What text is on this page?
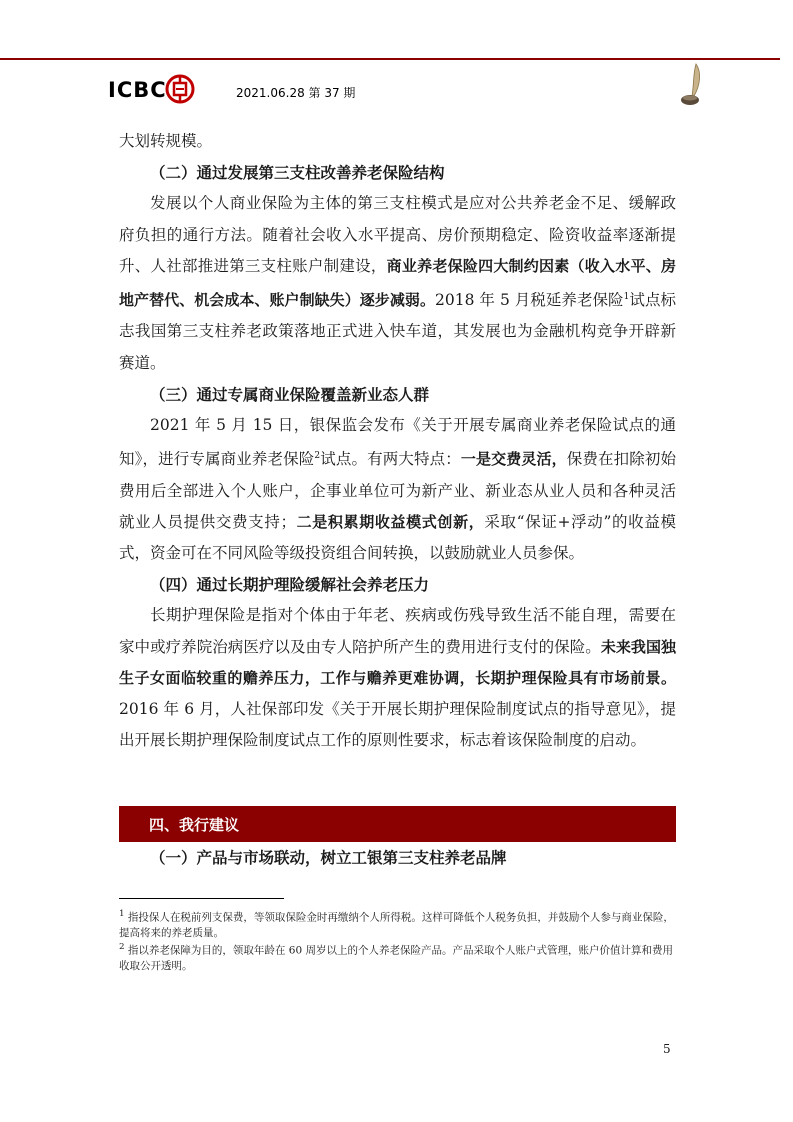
ICBC	2021.06.28 第 37 期

大划转规模。

（二）通过发展第三支柱改善养老保险结构

发展以个人商业保险为主体的第三支柱模式是应对公共养老金不足、缓解政府负担的通行方法。随着社会收入水平提高、房价预期稳定、险资收益率逐渐提升、人社部推进第三支柱账户制建设，商业养老保险四大制约因素（收入水平、房地产替代、机会成本、账户制缺失）逐步减弱。2018 年 5 月税延养老保险$^1$试点标志我国第三支柱养老政策落地正式进入快车道，其发展也为金融机构竞争开辟新赛道。

（三）通过专属商业保险覆盖新业态人群

2021 年 5 月 15 日，银保监会发布《关于开展专属商业养老保险试点的通知》，进行专属商业养老保险$^2$试点。有两大特点：一是交费灵活，保费在扣除初始费用后全部进入个人账户，企事业单位可为新产业、新业态从业人员和各种灵活就业人员提供交费支持；二是积累期收益模式创新，采取“保证+浮动”的收益模式，资金可在不同风险等级投资组合间转换，以鼓励就业人员参保。

（四）通过长期护理险缓解社会养老压力

长期护理保险是指对个体由于年老、疾病或伤残导致生活不能自理，需要在家中或疗养院治病医疗以及由专人陪护所产生的费用进行支付的保险。未来我国独生子女面临较重的赡养压力，工作与赡养更难协调，长期护理保险具有市场前景。2016 年 6 月，人社保部印发《关于开展长期护理保险制度试点的指导意见》，提出开展长期护理保险制度试点工作的原则性要求，标志着该保险制度的启动。

四、我行建议
（一）产品与市场联动，树立工银第三支柱养老品牌

$^1$ 指投保人在税前列支保费，等领取保险金时再缴纳个人所得税。这样可降低个人税务负担，并鼓励个人参与商业保险，提高将来的养老质量。

$^2$ 指以养老保障为目的，领取年龄在 60 周岁以上的个人养老保险产品。产品采取个人账户式管理，账户价值计算和费用收取公开透明。

5
